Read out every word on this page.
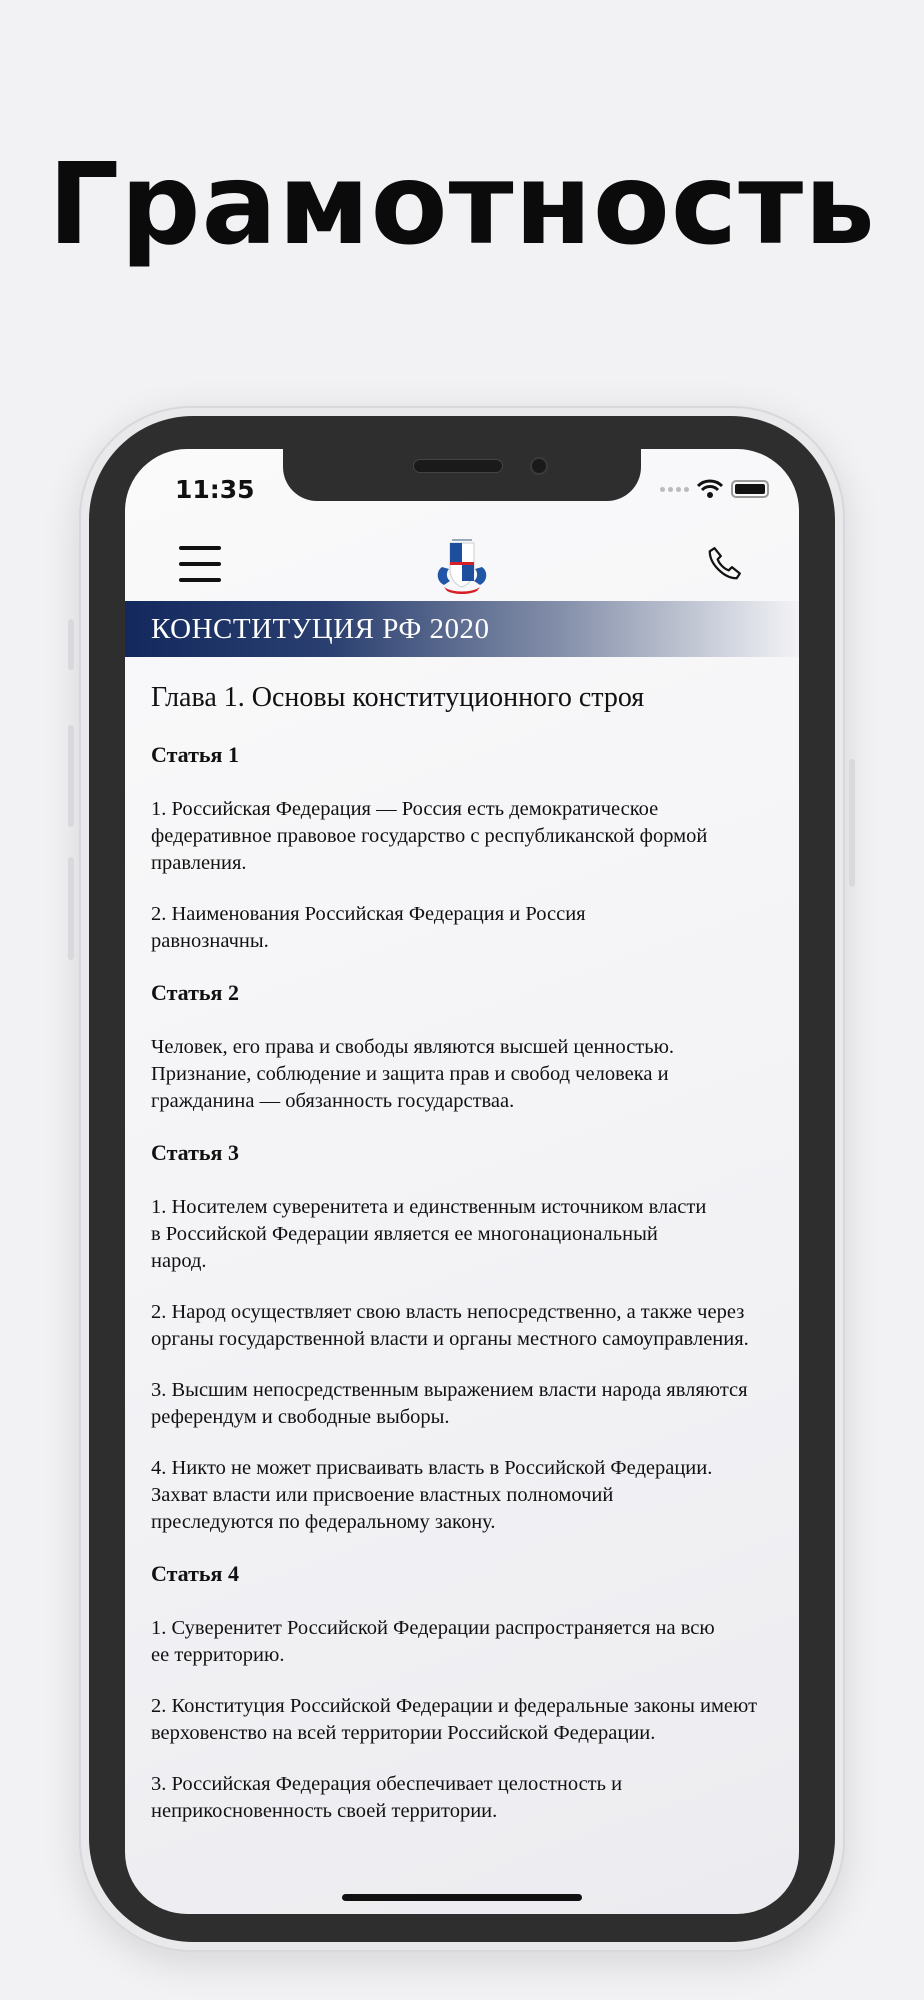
Грамотность
11:35
КОНСТИТУЦИЯ РФ 2020
Глава 1. Основы конституционного строя
Статья 1
1. Российская Федерация — Россия есть демократическое федеративное правовое государство с республиканской формой правления.
2. Наименования Российская Федерация и Россия равнозначны.
Статья 2
Человек, его права и свободы являются высшей ценностью. Признание, соблюдение и защита прав и свобод человека и гражданина — обязанность государстваа.
Статья 3
1. Носителем суверенитета и единственным источником власти в Российской Федерации является ее многонациональный народ.
2. Народ осуществляет свою власть непосредственно, а также через органы государственной власти и органы местного самоуправления.
3. Высшим непосредственным выражением власти народа являются референдум и свободные выборы.
4. Никто не может присваивать власть в Российской Федерации. Захват власти или присвоение властных полномочий преследуются по федеральному закону.
Статья 4
1. Суверенитет Российской Федерации распространяется на всю ее территорию.
2. Конституция Российской Федерации и федеральные законы имеют верховенство на всей территории Российской Федерации.
3. Российская Федерация обеспечивает целостность и неприкосновенность своей территории.
